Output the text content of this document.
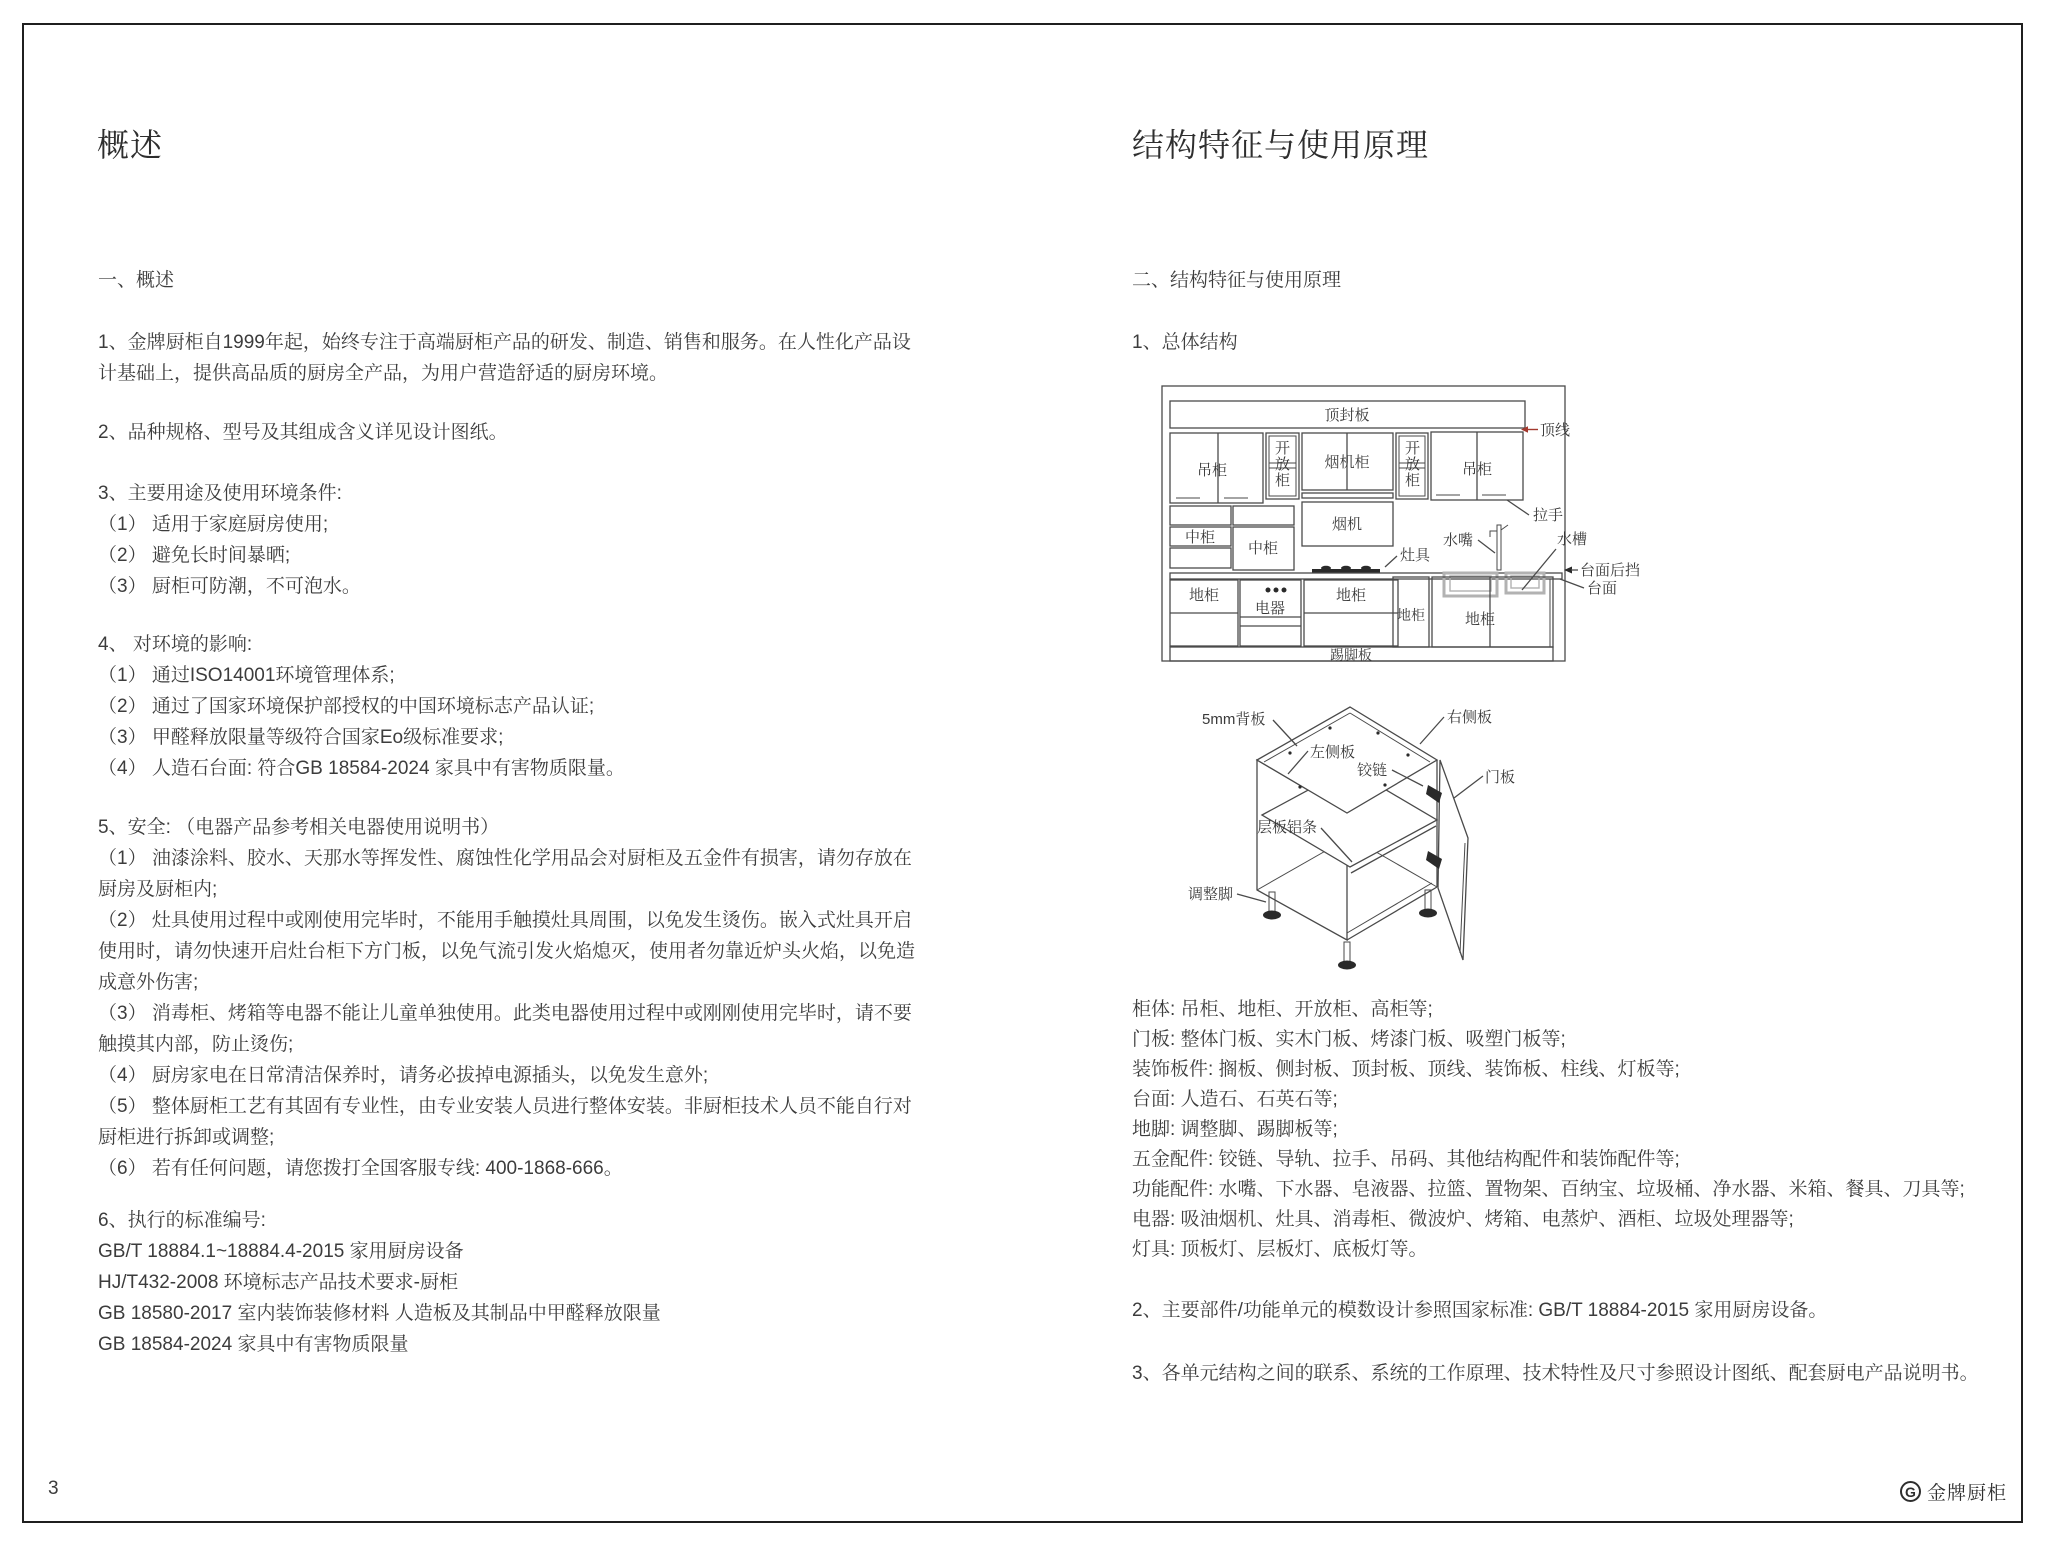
概述
一、概述
1、金牌厨柜自1999年起，始终专注于高端厨柜产品的研发、制造、销售和服务。在人性化产品设计基础上，提供高品质的厨房全产品，为用户营造舒适的厨房环境。
2、品种规格、型号及其组成含义详见设计图纸。

3、主要用途及使用环境条件:

（1） 适用于家庭厨房使用;

（2） 避免长时间暴晒;

（3） 厨柜可防潮，不可泡水。

4、 对环境的影响:

（1） 通过ISO14001环境管理体系;

（2） 通过了国家环境保护部授权的中国环境标志产品认证;

（3） 甲醛释放限量等级符合国家Eo级标准要求;

（4） 人造石台面: 符合GB 18584-2024 家具中有害物质限量。

5、安全: （电器产品参考相关电器使用说明书）

（1） 油漆涂料、胶水、天那水等挥发性、腐蚀性化学用品会对厨柜及五金件有损害，请勿存放在厨房及厨柜内;

（2） 灶具使用过程中或刚使用完毕时，不能用手触摸灶具周围，以免发生烫伤。嵌入式灶具开启使用时，请勿快速开启灶台柜下方门板，以免气流引发火焰熄灭，使用者勿靠近炉头火焰，以免造成意外伤害;

（3） 消毒柜、烤箱等电器不能让儿童单独使用。此类电器使用过程中或刚刚使用完毕时，请不要触摸其内部，防止烫伤;

（4） 厨房家电在日常清洁保养时，请务必拔掉电源插头，以免发生意外;

（5） 整体厨柜工艺有其固有专业性，由专业安装人员进行整体安装。非厨柜技术人员不能自行对厨柜进行拆卸或调整;

（6） 若有任何问题，请您拨打全国客服专线: 400-1868-666。

6、执行的标准编号:

GB/T 18884.1~18884.4-2015 家用厨房设备

HJ/T432-2008 环境标志产品技术要求-厨柜

GB 18580-2017 室内装饰装修材料 人造板及其制品中甲醛释放限量

GB 18584-2024 家具中有害物质限量

结构特征与使用原理
二、结构特征与使用原理
1、总体结构
顶封板
顶线
吊柜	烟机柜	吊柜
拉手
中柜
中柜
烟机
灶具
水嘴	水槽
台面后挡
台面
地柜
电器
地柜
地柜	地柜
踢脚板
开放柜	开放柜
5mm背板	右侧板
左侧板
铰链	门板
层板铝条
调整脚

柜体: 吊柜、地柜、开放柜、高柜等;

门板: 整体门板、实木门板、烤漆门板、吸塑门板等;

装饰板件: 搁板、侧封板、顶封板、顶线、装饰板、柱线、灯板等;

台面: 人造石、石英石等;

地脚: 调整脚、踢脚板等;

五金配件: 铰链、导轨、拉手、吊码、其他结构配件和装饰配件等;

功能配件: 水嘴、下水器、皂液器、拉篮、置物架、百纳宝、垃圾桶、净水器、米箱、餐具、刀具等;

电器: 吸油烟机、灶具、消毒柜、微波炉、烤箱、电蒸炉、酒柜、垃圾处理器等;

灯具: 顶板灯、层板灯、底板灯等。

2、主要部件/功能单元的模数设计参照国家标准: GB/T 18884-2015 家用厨房设备。
3、各单元结构之间的联系、系统的工作原理、技术特性及尺寸参照设计图纸、配套厨电产品说明书。
3	G 金牌厨柜
